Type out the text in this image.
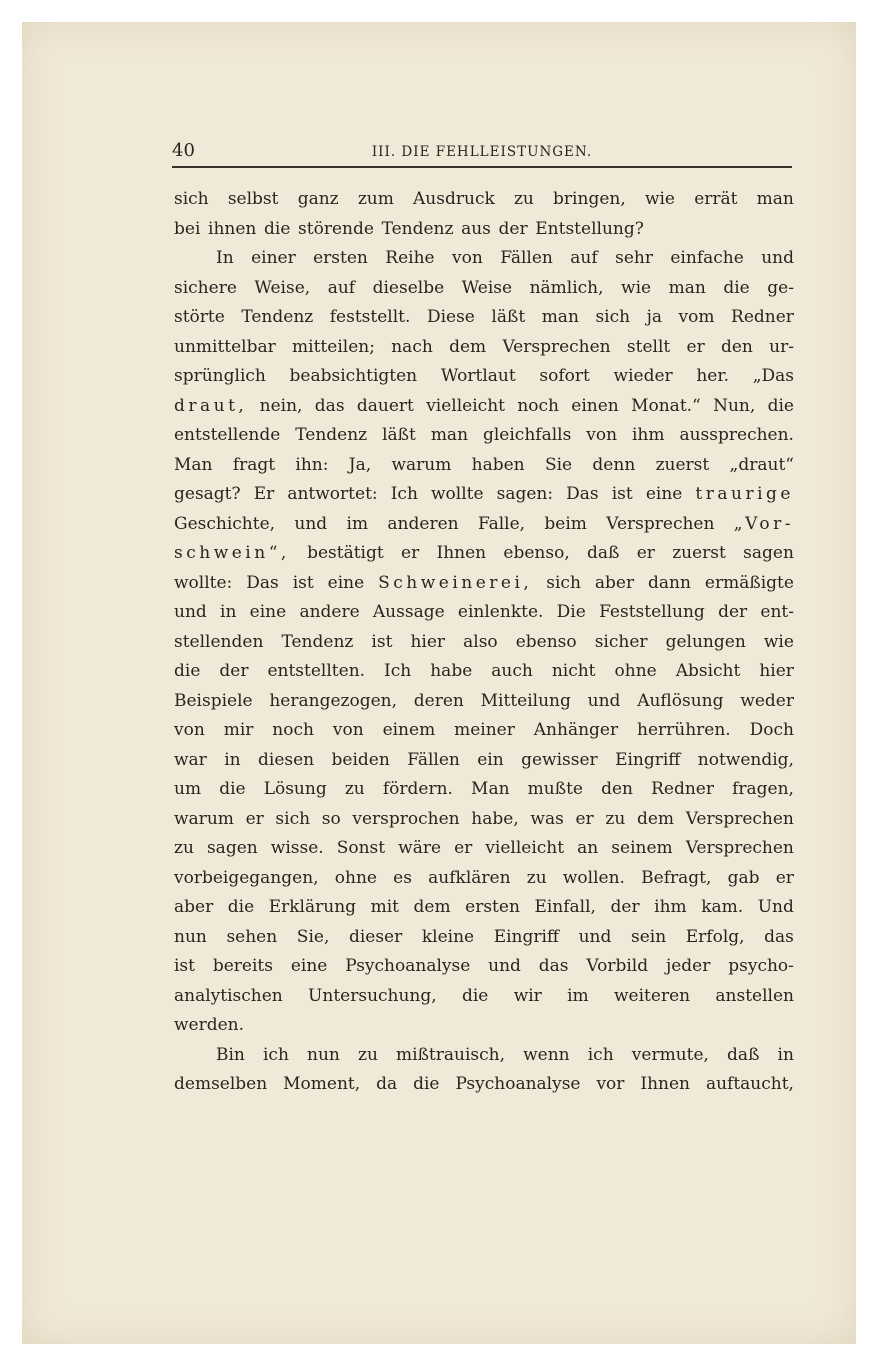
40	III. DIE FEHLLEISTUNGEN.
sich selbst ganz zum Ausdruck zu bringen, wie errät man
bei ihnen die störende Tendenz aus der Entstellung?
In einer ersten Reihe von Fällen auf sehr einfache und
sichere Weise, auf dieselbe Weise nämlich, wie man die ge-
störte Tendenz feststellt. Diese läßt man sich ja vom Redner
unmittelbar mitteilen; nach dem Versprechen stellt er den ur-
sprünglich beabsichtigten Wortlaut sofort wieder her. „Das
draut, nein, das dauert vielleicht noch einen Monat.“ Nun, die
entstellende Tendenz läßt man gleichfalls von ihm aussprechen.
Man fragt ihn: Ja, warum haben Sie denn zuerst „draut“
gesagt? Er antwortet: Ich wollte sagen: Das ist eine traurige
Geschichte, und im anderen Falle, beim Versprechen „Vor-
schwein“, bestätigt er Ihnen ebenso, daß er zuerst sagen
wollte: Das ist eine Schweinerei, sich aber dann ermäßigte
und in eine andere Aussage einlenkte. Die Feststellung der ent-
stellenden Tendenz ist hier also ebenso sicher gelungen wie
die der entstellten. Ich habe auch nicht ohne Absicht hier
Beispiele herangezogen, deren Mitteilung und Auflösung weder
von mir noch von einem meiner Anhänger herrühren. Doch
war in diesen beiden Fällen ein gewisser Eingriff notwendig,
um die Lösung zu fördern. Man mußte den Redner fragen,
warum er sich so versprochen habe, was er zu dem Versprechen
zu sagen wisse. Sonst wäre er vielleicht an seinem Versprechen
vorbeigegangen, ohne es aufklären zu wollen. Befragt, gab er
aber die Erklärung mit dem ersten Einfall, der ihm kam. Und
nun sehen Sie, dieser kleine Eingriff und sein Erfolg, das
ist bereits eine Psychoanalyse und das Vorbild jeder psycho-
analytischen Untersuchung, die wir im weiteren anstellen
werden.
Bin ich nun zu mißtrauisch, wenn ich vermute, daß in
demselben Moment, da die Psychoanalyse vor Ihnen auftaucht,
